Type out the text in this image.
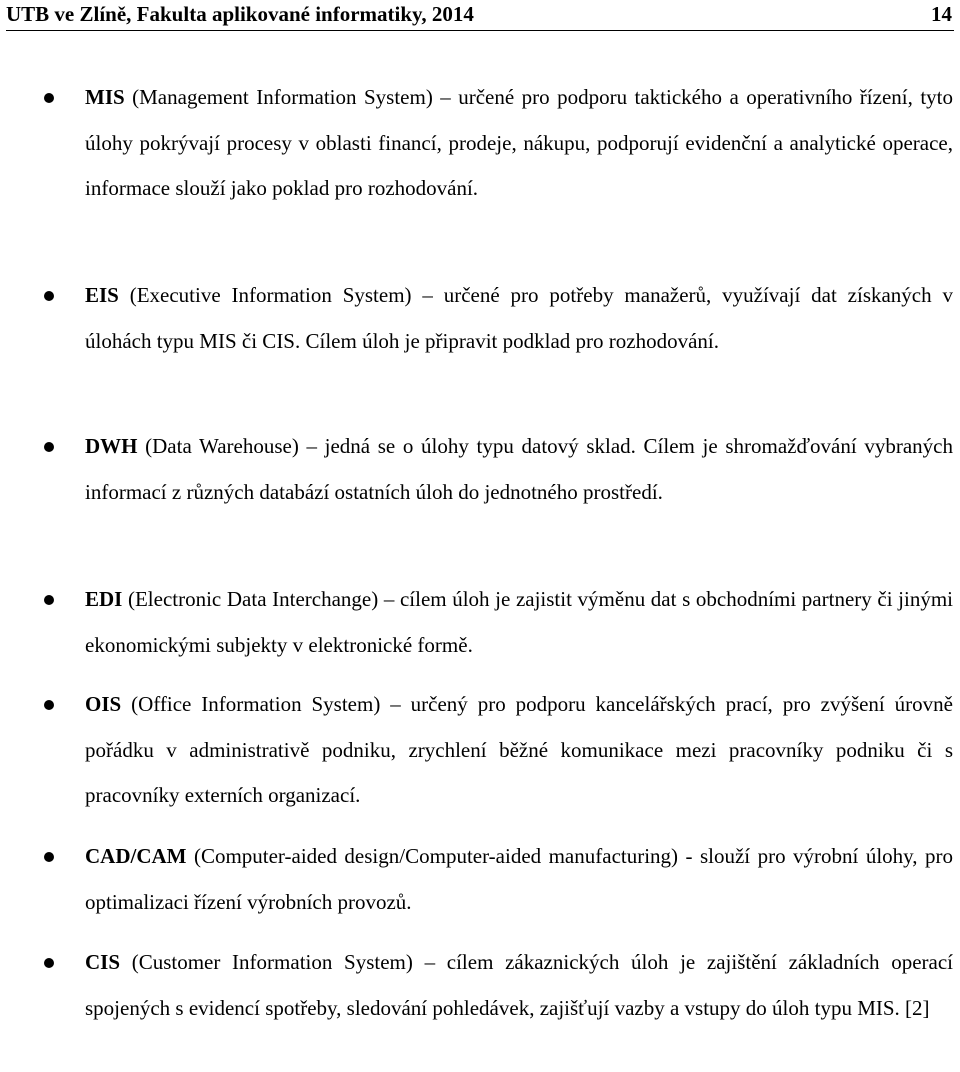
UTB ve Zlíně, Fakulta aplikované informatiky, 2014	14
MIS (Management Information System) – určené pro podporu taktického a operativního řízení, tyto úlohy pokrývají procesy v oblasti financí, prodeje, nákupu, podporují evidenční a analytické operace, informace slouží jako poklad pro rozhodování.
EIS (Executive Information System) – určené pro potřeby manažerů, využívají dat získaných v úlohách typu MIS či CIS. Cílem úloh je připravit podklad pro rozhodování.
DWH (Data Warehouse) – jedná se o úlohy typu datový sklad. Cílem je shromažďování vybraných informací z různých databází ostatních úloh do jednotného prostředí.
EDI (Electronic Data Interchange) – cílem úloh je zajistit výměnu dat s obchodními partnery či jinými ekonomickými subjekty v elektronické formě.
OIS (Office Information System) – určený pro podporu kancelářských prací, pro zvýšení úrovně pořádku v administrativě podniku, zrychlení běžné komunikace mezi pracovníky podniku či s pracovníky externích organizací.
CAD/CAM (Computer-aided design/Computer-aided manufacturing) - slouží pro výrobní úlohy, pro optimalizaci řízení výrobních provozů.
CIS (Customer Information System) – cílem zákaznických úloh je zajištění základních operací spojených s evidencí spotřeby, sledování pohledávek, zajišťují vazby a vstupy do úloh typu MIS. [2]
